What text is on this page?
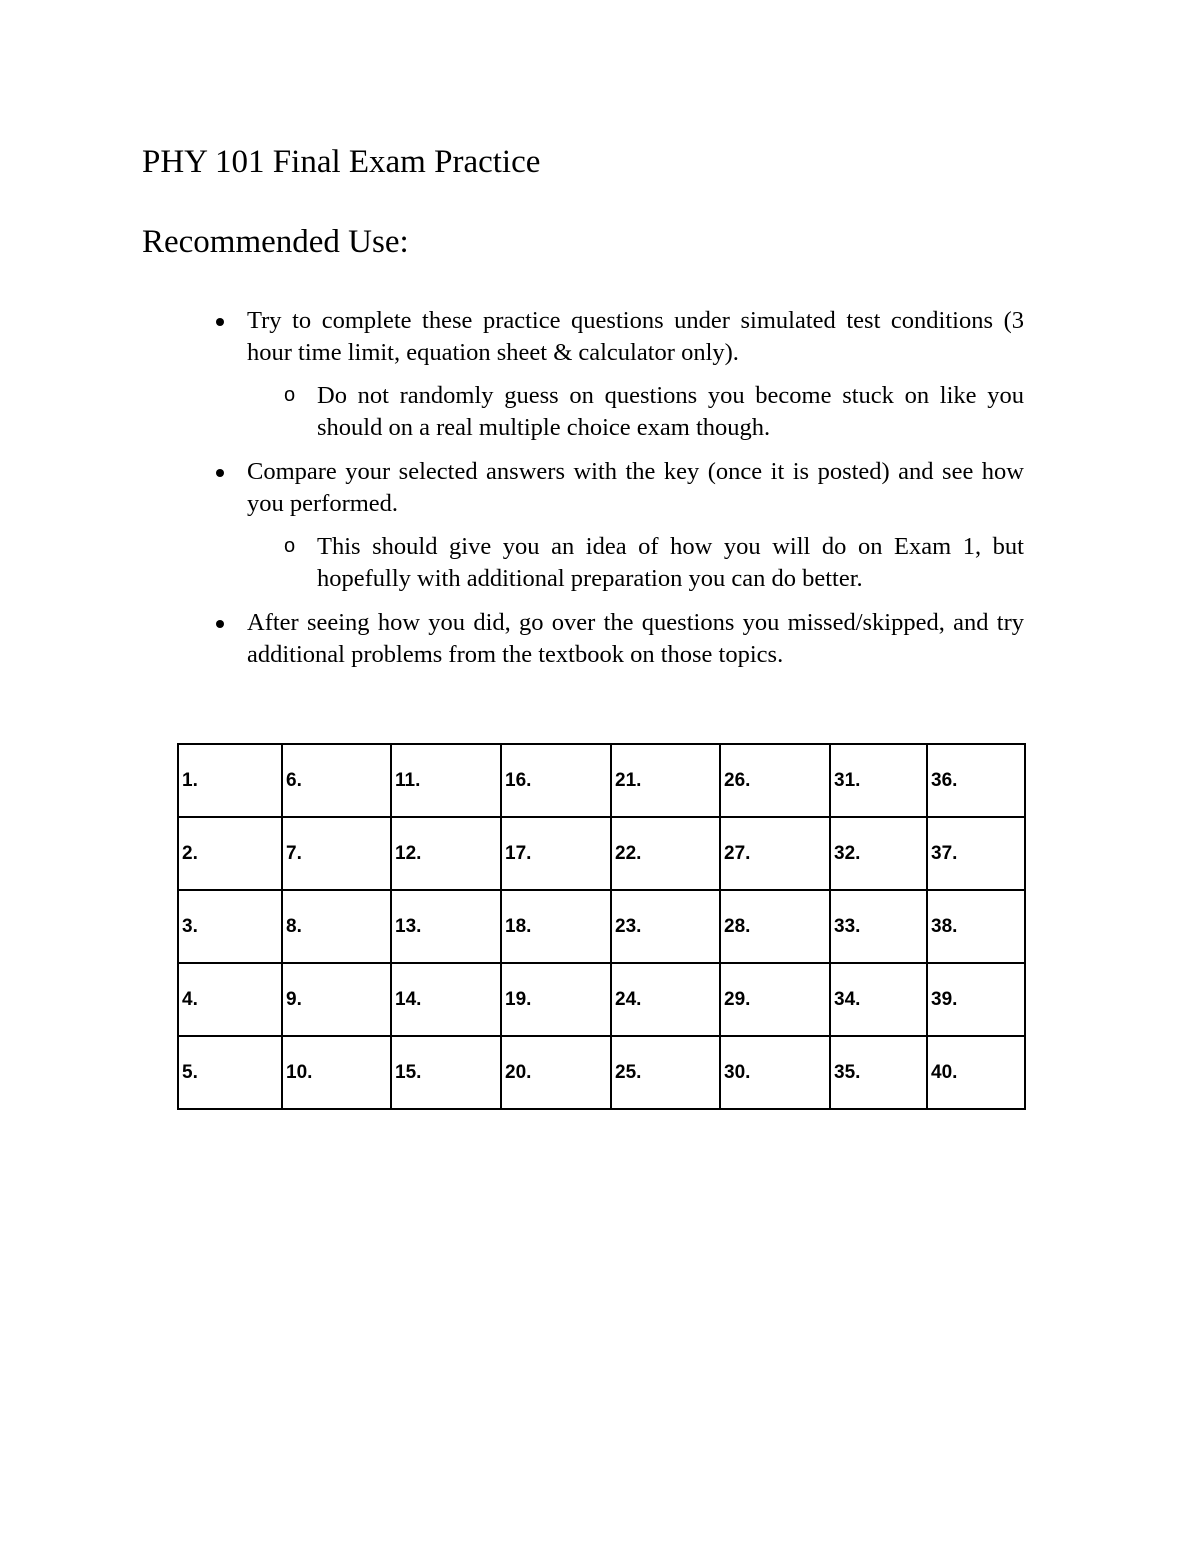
PHY 101 Final Exam Practice
Recommended Use:
Try to complete these practice questions under simulated test conditions (3 hour time limit, equation sheet & calculator only).
o Do not randomly guess on questions you become stuck on like you should on a real multiple choice exam though.
Compare your selected answers with the key (once it is posted) and see how you performed.
o This should give you an idea of how you will do on Exam 1, but hopefully with additional preparation you can do better.
After seeing how you did, go over the questions you missed/skipped, and try additional problems from the textbook on those topics.
1.	6.	11.	16.	21.	26.	31.	36.
2.	7.	12.	17.	22.	27.	32.	37.
3.	8.	13.	18.	23.	28.	33.	38.
4.	9.	14.	19.	24.	29.	34.	39.
5.	10.	15.	20.	25.	30.	35.	40.
